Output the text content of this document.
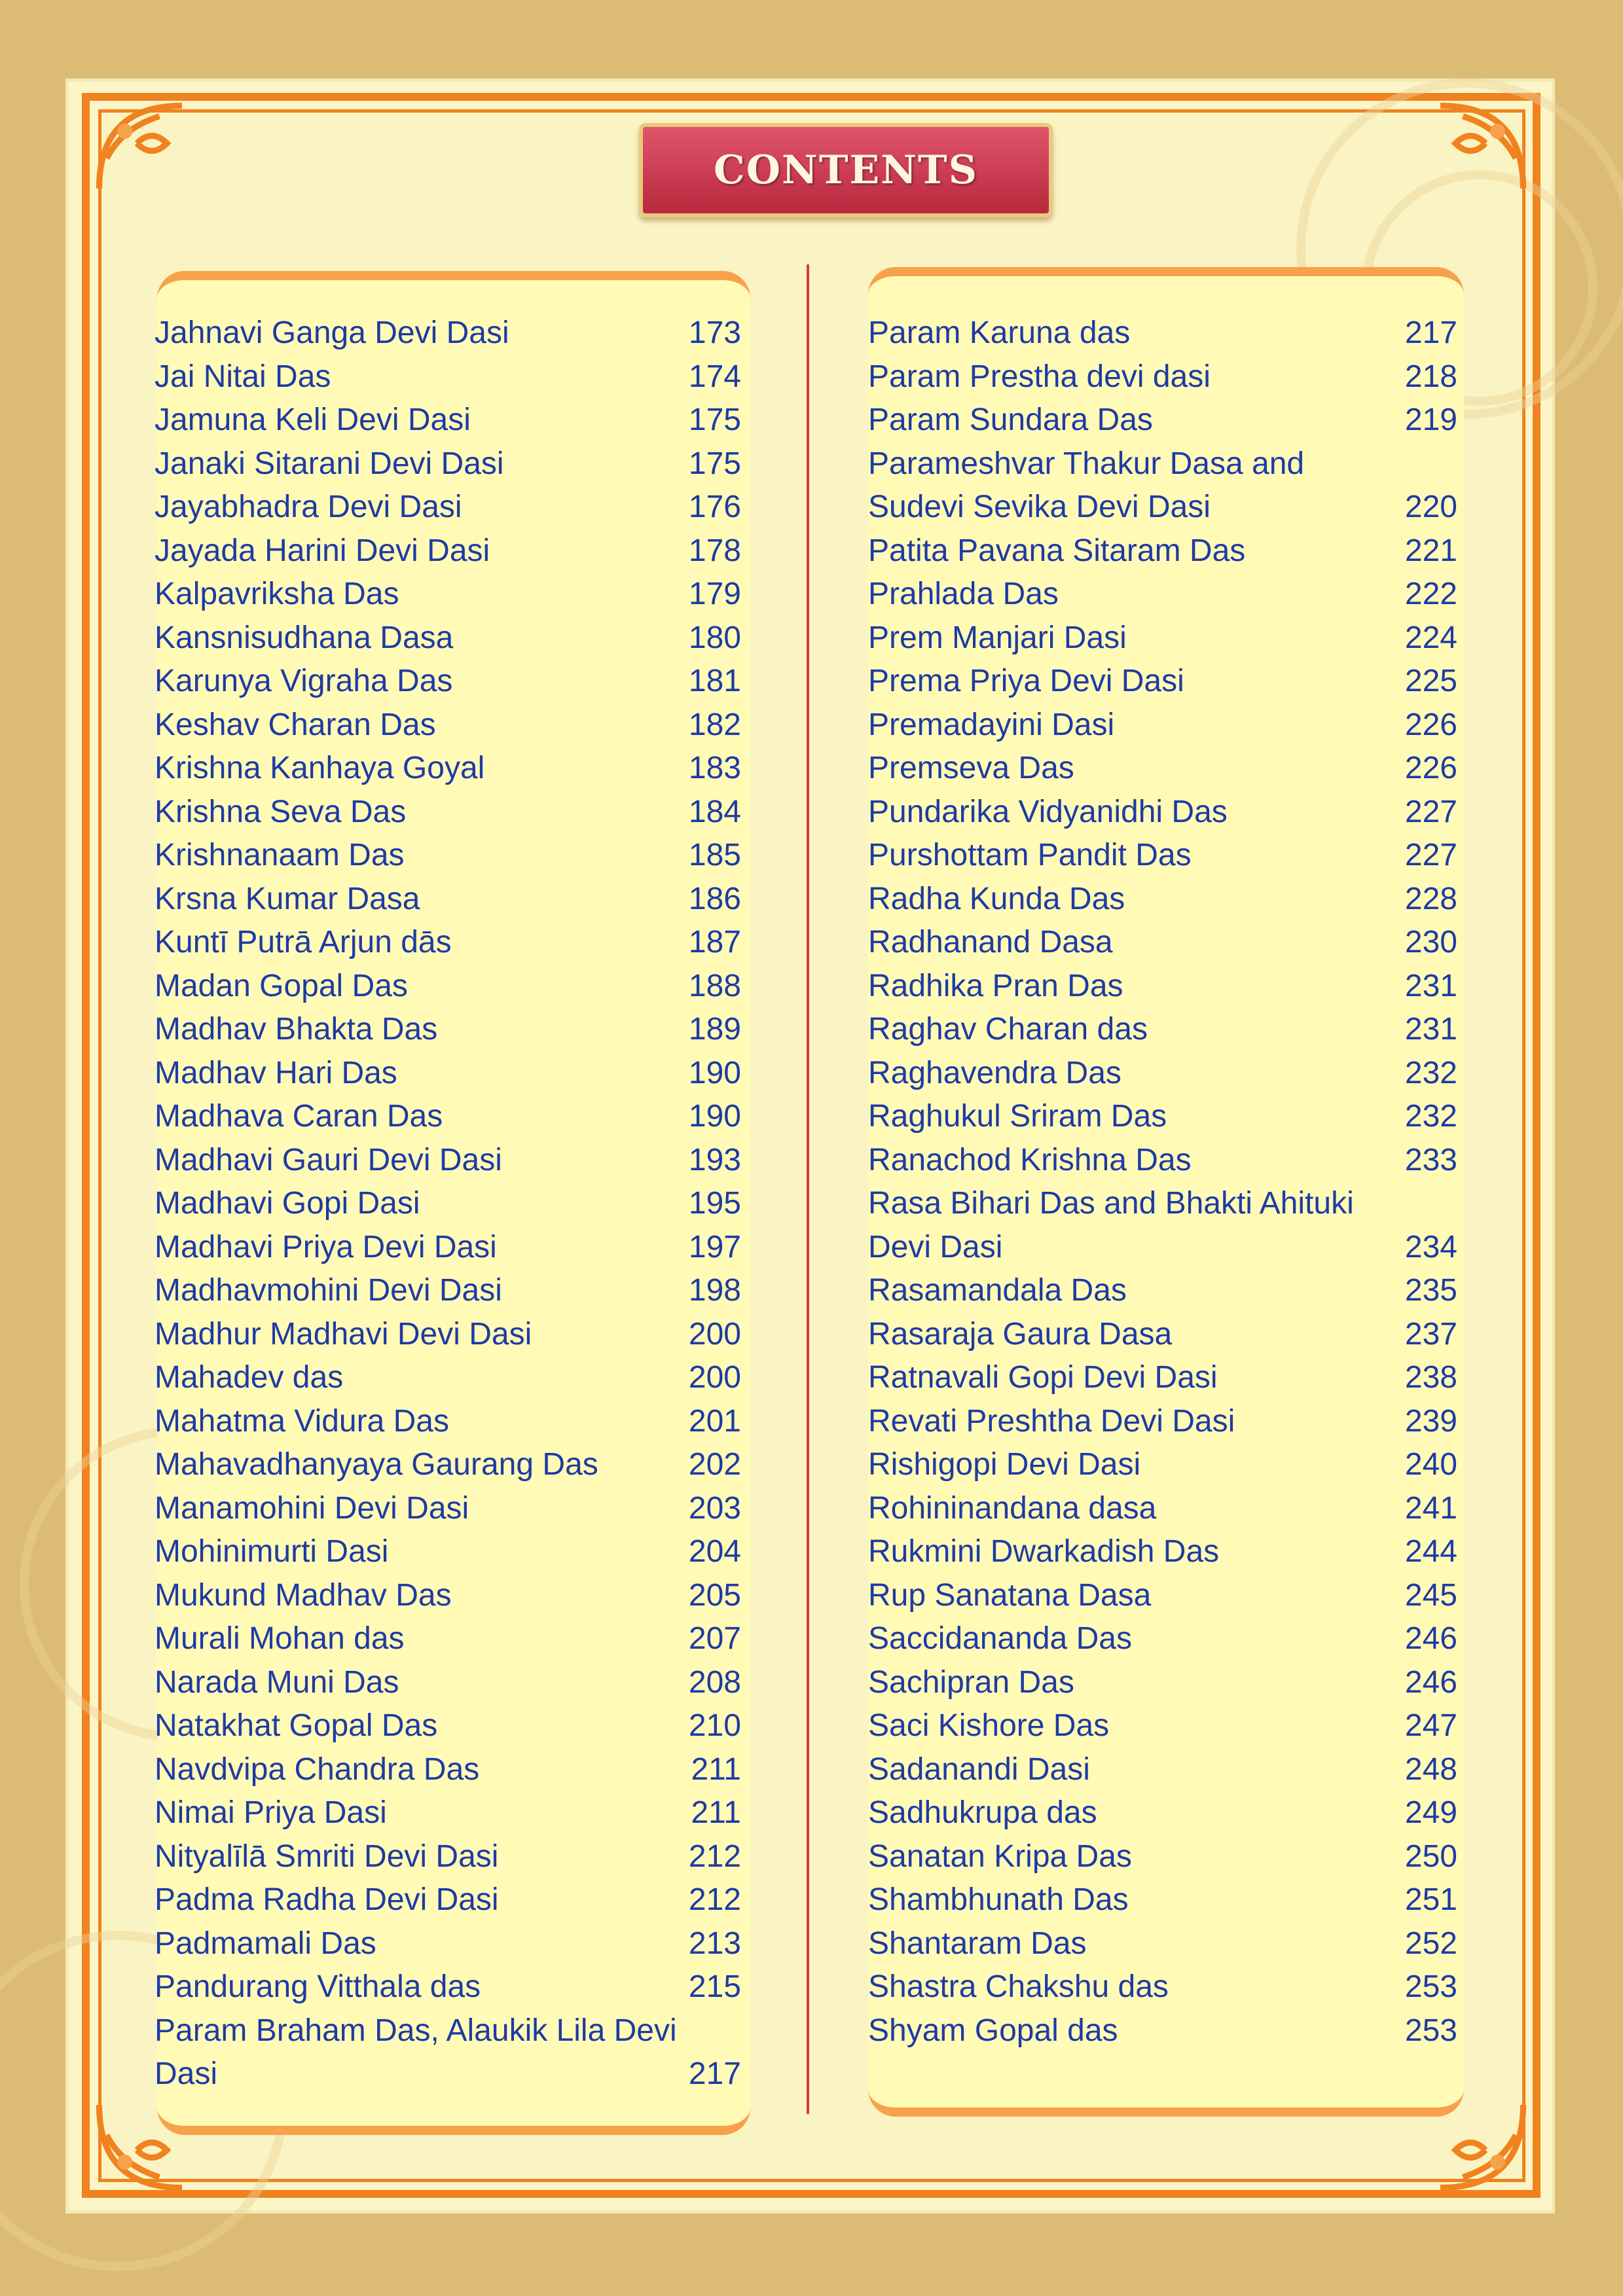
CONTENTS
Jahnavi Ganga Devi Dasi	173
Jai Nitai Das	174
Jamuna Keli Devi Dasi	175
Janaki Sitarani Devi Dasi	175
Jayabhadra Devi Dasi	176
Jayada Harini Devi Dasi	178
Kalpavriksha Das	179
Kansnisudhana Dasa	180
Karunya Vigraha Das	181
Keshav Charan Das	182
Krishna Kanhaya Goyal	183
Krishna Seva Das	184
Krishnanaam Das	185
Krsna Kumar Dasa	186
Kuntī Putrā Arjun dās	187
Madan Gopal Das	188
Madhav Bhakta Das	189
Madhav Hari Das	190
Madhava Caran Das	190
Madhavi Gauri Devi Dasi	193
Madhavi Gopi Dasi	195
Madhavi Priya Devi Dasi	197
Madhavmohini Devi Dasi	198
Madhur Madhavi Devi Dasi	200
Mahadev das	200
Mahatma Vidura Das	201
Mahavadhanyaya Gaurang Das	202
Manamohini Devi Dasi	203
Mohinimurti Dasi	204
Mukund Madhav Das	205
Murali Mohan das	207
Narada Muni Das	208
Natakhat Gopal Das	210
Navdvipa Chandra Das	211
Nimai Priya Dasi	211
Nityalīlā Smriti Devi Dasi	212
Padma Radha Devi Dasi	212
Padmamali Das	213
Pandurang Vitthala das	215
Param Braham Das, Alaukik Lila Devi Dasi	217
Param Karuna das	217
Param Prestha devi dasi	218
Param Sundara Das	219
Parameshvar Thakur Dasa and Sudevi Sevika Devi Dasi	220
Patita Pavana Sitaram Das	221
Prahlada Das	222
Prem Manjari Dasi	224
Prema Priya Devi Dasi	225
Premadayini Dasi	226
Premseva Das	226
Pundarika Vidyanidhi Das	227
Purshottam Pandit Das	227
Radha Kunda Das	228
Radhanand Dasa	230
Radhika Pran Das	231
Raghav Charan das	231
Raghavendra Das	232
Raghukul Sriram Das	232
Ranachod Krishna Das	233
Rasa Bihari Das and Bhakti Ahituki Devi Dasi	234
Rasamandala Das	235
Rasaraja Gaura Dasa	237
Ratnavali Gopi Devi Dasi	238
Revati Preshtha Devi Dasi	239
Rishigopi Devi Dasi	240
Rohininandana dasa	241
Rukmini Dwarkadish Das	244
Rup Sanatana Dasa	245
Saccidananda Das	246
Sachipran Das	246
Saci Kishore Das	247
Sadanandi Dasi	248
Sadhukrupa das	249
Sanatan Kripa Das	250
Shambhunath Das	251
Shantaram Das	252
Shastra Chakshu das	253
Shyam Gopal das	253
